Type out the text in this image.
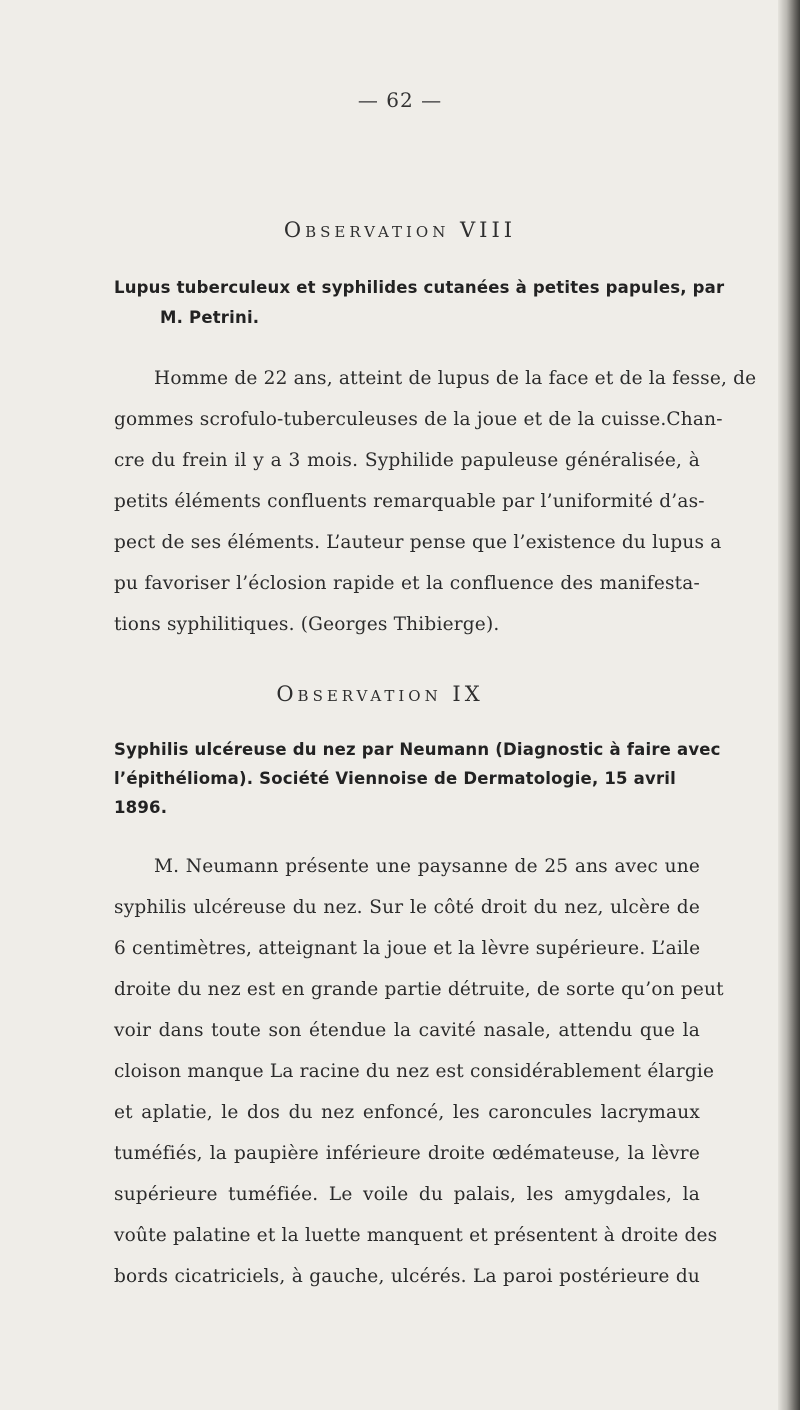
— 62 —
Observation VIII
Lupus tuberculeux et syphilides cutanées à petites papules, par
M. Petrini.
Homme de 22 ans, atteint de lupus de la face et de la fesse, de
gommes scrofulo-tuberculeuses de la joue et de la cuisse.Chan-
cre du frein il y a 3 mois. Syphilide papuleuse généralisée, à
petits éléments confluents remarquable par l’uniformité d’as-
pect de ses éléments. L’auteur pense que l’existence du lupus a
pu favoriser l’éclosion rapide et la confluence des manifesta-
tions syphilitiques. (Georges Thibierge).
Observation IX
Syphilis ulcéreuse du nez par Neumann (Diagnostic à faire avec
l’épithélioma). Société Viennoise de Dermatologie, 15 avril
1896.
M. Neumann présente une paysanne de 25 ans avec une
syphilis ulcéreuse du nez. Sur le côté droit du nez, ulcère de
6 centimètres, atteignant la joue et la lèvre supérieure. L’aile
droite du nez est en grande partie détruite, de sorte qu’on peut
voir dans toute son étendue la cavité nasale, attendu que la
cloison manque La racine du nez est considérablement élargie
et aplatie, le dos du nez enfoncé, les caroncules lacrymaux
tuméfiés, la paupière inférieure droite œdémateuse, la lèvre
supérieure tuméfiée. Le voile du palais, les amygdales, la
voûte palatine et la luette manquent et présentent à droite des
bords cicatriciels, à gauche, ulcérés. La paroi postérieure du
